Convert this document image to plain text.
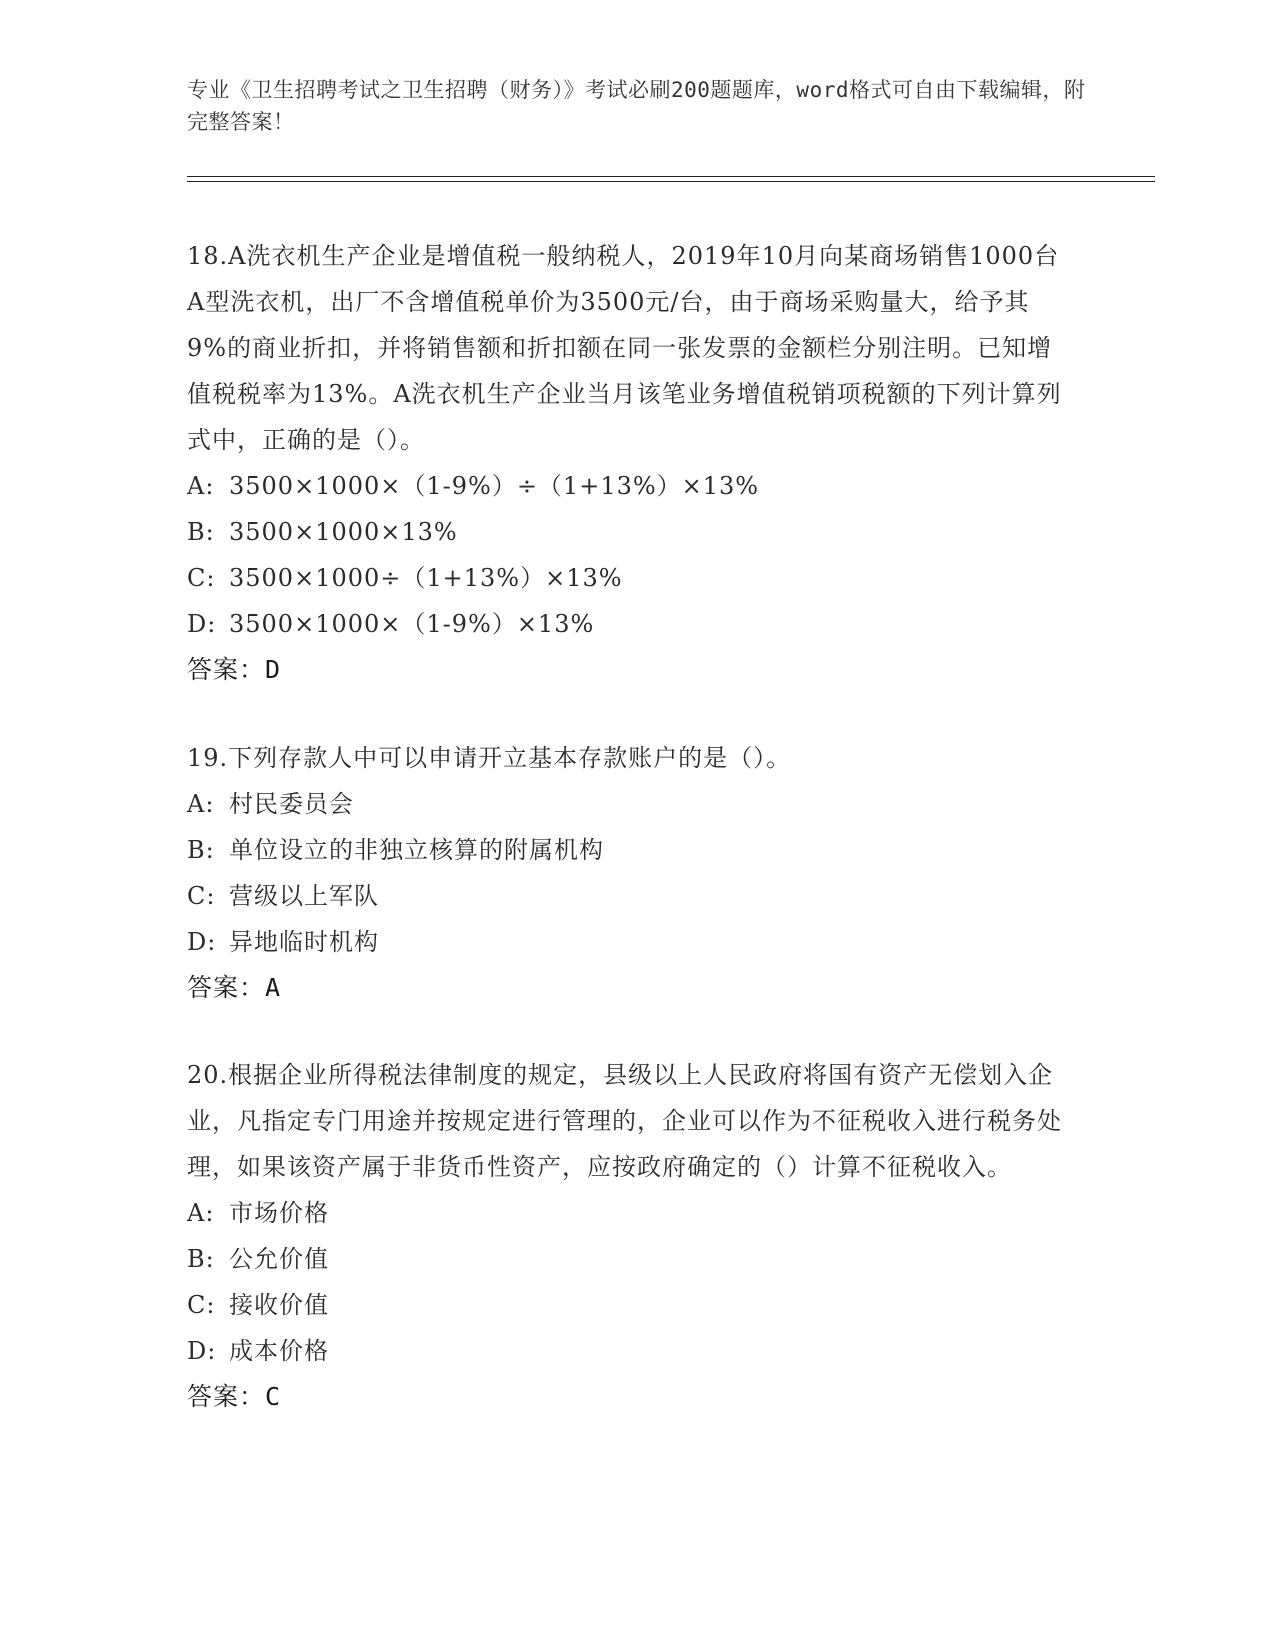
专业《卫生招聘考试之卫生招聘（财务）》考试必刷200题题库，word格式可自由下载编辑，附完整答案！

18.A洗衣机生产企业是增值税一般纳税人，2019年10月向某商场销售1000台A型洗衣机，出厂不含增值税单价为3500元/台，由于商场采购量大，给予其9%的商业折扣，并将销售额和折扣额在同一张发票的金额栏分别注明。已知增值税税率为13%。A洗衣机生产企业当月该笔业务增值税销项税额的下列计算列式中，正确的是（）。

A: 3500×1000×（1-9%）÷（1+13%）×13%

B: 3500×1000×13%

C: 3500×1000÷（1+13%）×13%

D: 3500×1000×（1-9%）×13%

答案：D

19.下列存款人中可以申请开立基本存款账户的是（）。

A: 村民委员会

B: 单位设立的非独立核算的附属机构

C: 营级以上军队

D: 异地临时机构

答案：A

20.根据企业所得税法律制度的规定，县级以上人民政府将国有资产无偿划入企业，凡指定专门用途并按规定进行管理的，企业可以作为不征税收入进行税务处理，如果该资产属于非货币性资产，应按政府确定的（）计算不征税收入。

A: 市场价格

B: 公允价值

C: 接收价值

D: 成本价格

答案：C
